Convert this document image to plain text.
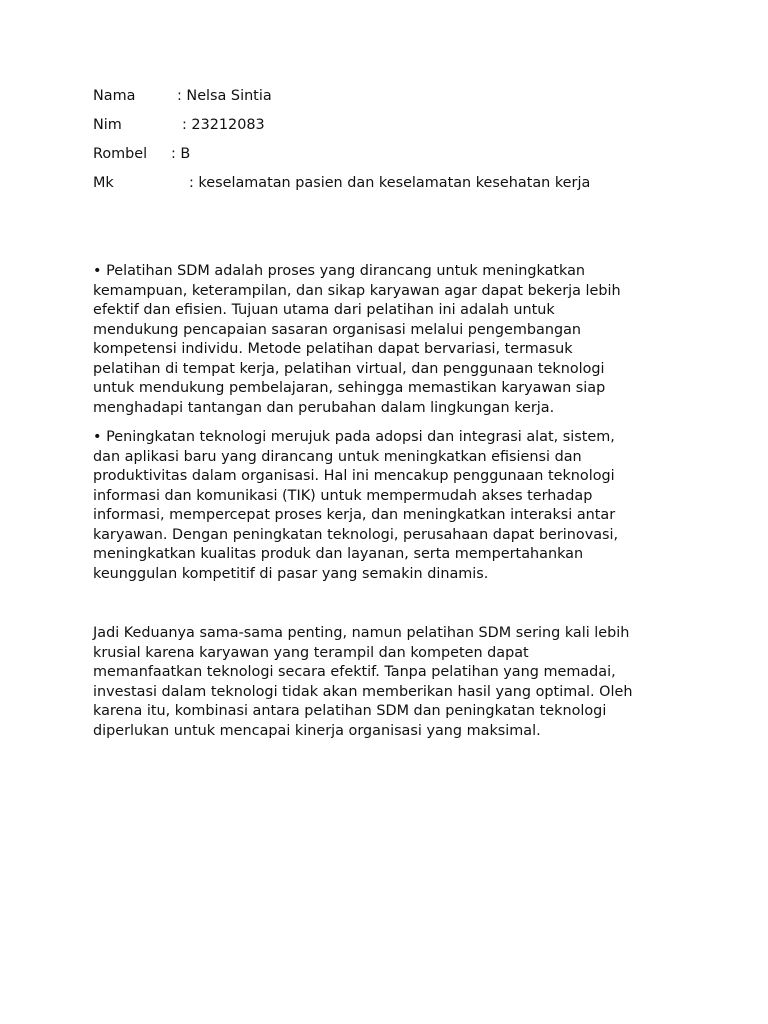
Nama

	: Nelsa Sintia

Nim

	: 23212083

Rombel

: B

Mk

	: keselamatan pasien dan keselamatan kesehatan kerja

• Pelatihan SDM adalah proses yang dirancang untuk meningkatkan
kemampuan, keterampilan, dan sikap karyawan agar dapat bekerja lebih
efektif dan efisien. Tujuan utama dari pelatihan ini adalah untuk
mendukung pencapaian sasaran organisasi melalui pengembangan
kompetensi individu. Metode pelatihan dapat bervariasi, termasuk
pelatihan di tempat kerja, pelatihan virtual, dan penggunaan teknologi
untuk mendukung pembelajaran, sehingga memastikan karyawan siap
menghadapi tantangan dan perubahan dalam lingkungan kerja.

• Peningkatan teknologi merujuk pada adopsi dan integrasi alat, sistem,
dan aplikasi baru yang dirancang untuk meningkatkan efisiensi dan
produktivitas dalam organisasi. Hal ini mencakup penggunaan teknologi
informasi dan komunikasi (TIK) untuk mempermudah akses terhadap
informasi, mempercepat proses kerja, dan meningkatkan interaksi antar
karyawan. Dengan peningkatan teknologi, perusahaan dapat berinovasi,
meningkatkan kualitas produk dan layanan, serta mempertahankan
keunggulan kompetitif di pasar yang semakin dinamis.

Jadi Keduanya sama-sama penting, namun pelatihan SDM sering kali lebih
krusial karena karyawan yang terampil dan kompeten dapat
memanfaatkan teknologi secara efektif. Tanpa pelatihan yang memadai,
investasi dalam teknologi tidak akan memberikan hasil yang optimal. Oleh
karena itu, kombinasi antara pelatihan SDM dan peningkatan teknologi
diperlukan untuk mencapai kinerja organisasi yang maksimal.
